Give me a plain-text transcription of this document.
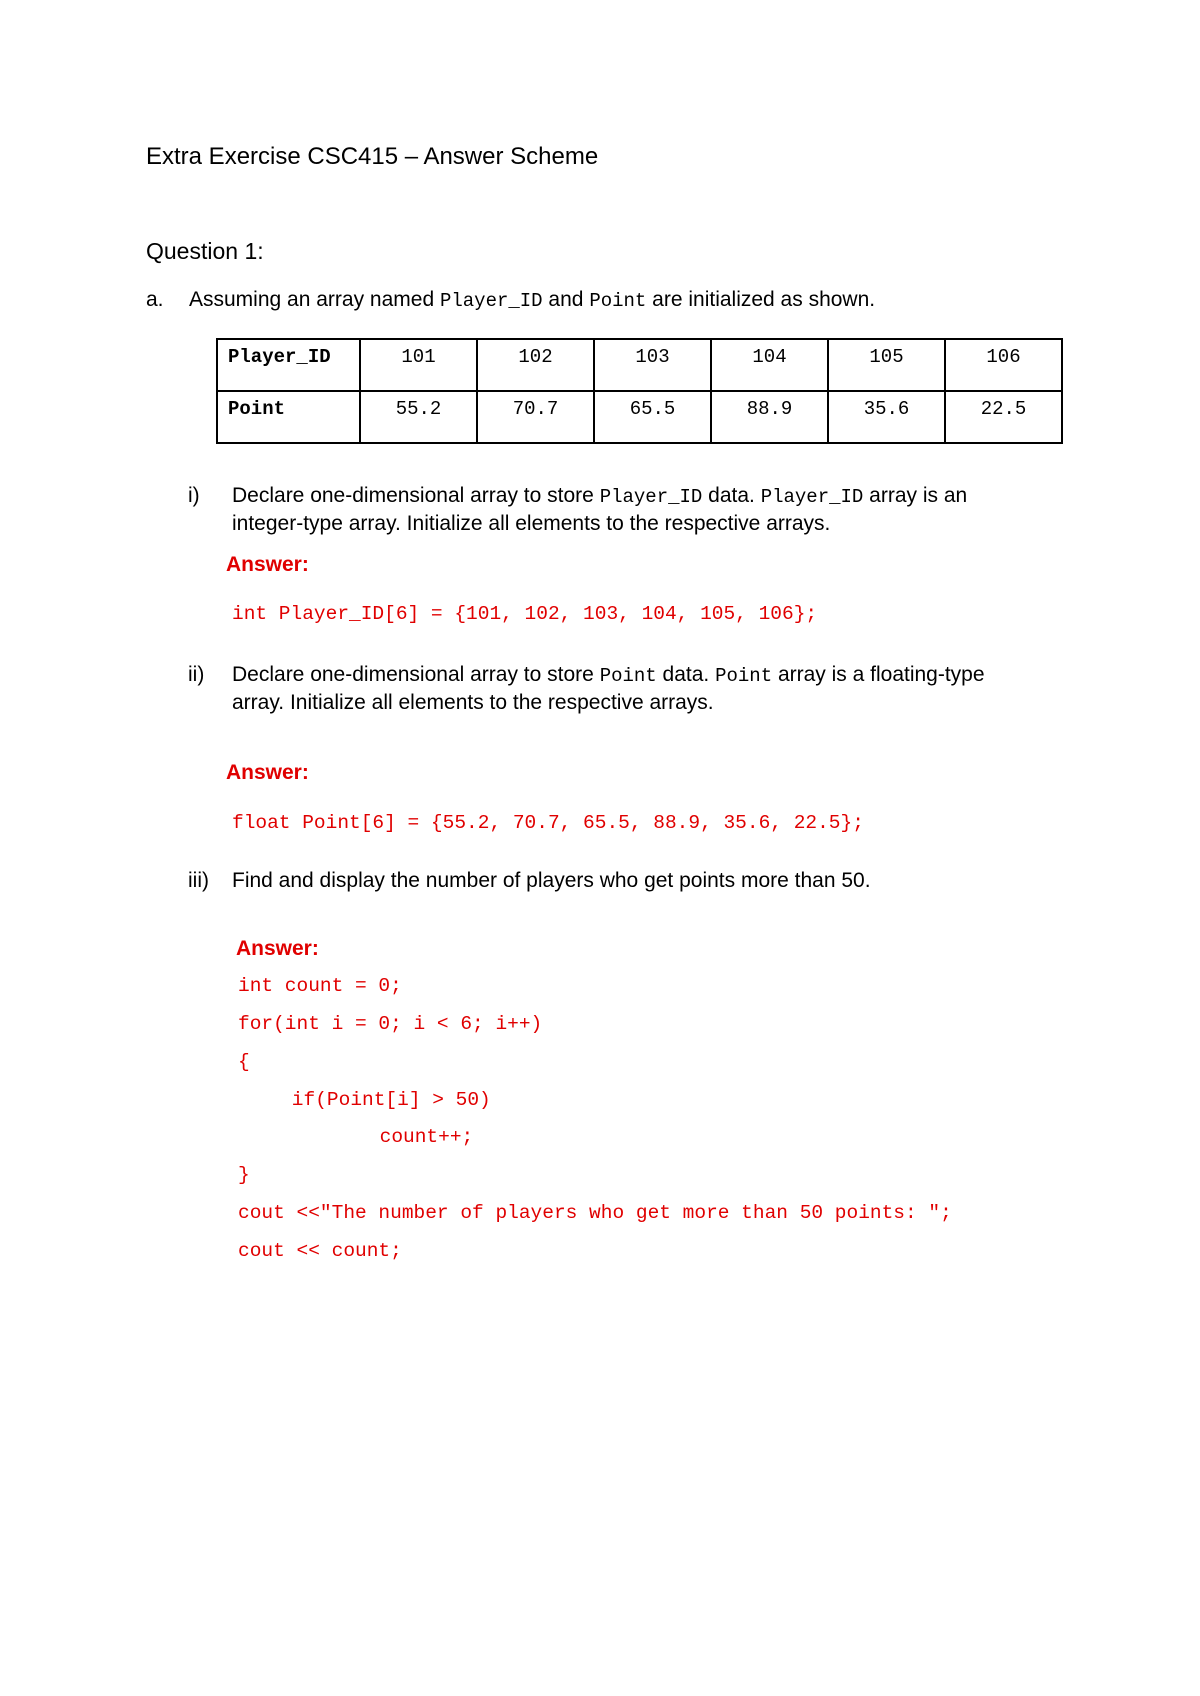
Extra Exercise CSC415 – Answer Scheme
Question 1:
a. Assuming an array named Player_ID and Point are initialized as shown.
Player_ID	101	102	103	104	105	106
Point	55.2	70.7	65.5	88.9	35.6	22.5
i) Declare one-dimensional array to store Player_ID data. Player_ID array is an
integer-type array. Initialize all elements to the respective arrays.
Answer:
int Player_ID[6] = {101, 102, 103, 104, 105, 106};
ii) Declare one-dimensional array to store Point data. Point array is a floating-type
array. Initialize all elements to the respective arrays.
Answer:
float Point[6] = {55.2, 70.7, 65.5, 88.9, 35.6, 22.5};
iii) Find and display the number of players who get points more than 50.
Answer:
int count = 0;
for(int i = 0; i < 6; i++)
{
if(Point[i] > 50)
count++;
}
cout <<"The number of players who get more than 50 points: ";
cout << count;
